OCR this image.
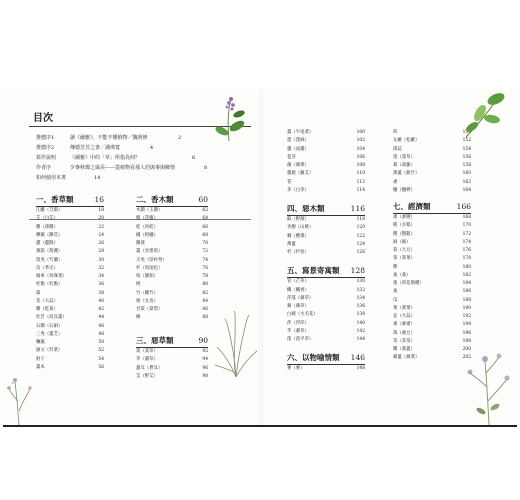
目次
推薦序1	讀《爾雅》，不能不懂植物／魏明修	2
推薦序2	傳德芳芳之書／潘瑛寬	4
寫作說明	《爾雅》中的「草」所指為何？	6
作者序	夕麥秋聲之風美——從植物看那人的與事與鄉情	8
如何使用本書	14
一、香草類	16
江離（芎藭）	18
芷（白芷）	20
蘭（澤蘭）	22
蘼蕪（蘼苡）	24
蕙（蕙散）	26
蓀筯（蒟䕶）	28
留夷（芍藥）	30
苗（季疋）	32
揭車（珍珠菜）	34
杜衡（杜衡）	36
萹	38
荃（大蒜）	40
蘭（乾菊）	42
杜若（高良薑）	44
石蘭（石斛）	46
三秀（靈芝）	48
蘪蕪	50
綠文（荇菜）	52
射干	54
薑本	56
二、香木類	60
木蘭（玉蘭）	62
椒（花椒）	64
桂（肉桂）	66
橘（柑橘）	68
蘭蓀	70
薑（食菜萸）	72
辛夷（厚朴萼）	74
杉（馬尾松）	76
柏（側柏）	78
桃	80
竹（剛竹）	82
楨（女貞）	84
甘棠（棠梨）	86
楝	88
三、惡草類	90
蒿（蒿草）	92
茅（蕭草）	94
蓋耳（蒼耳）	96
艾（野艾）	98
薑（牛尾菜）	100
蓖（蓖麻）	102
蘆（南蘆）	104
苞芽	106
藻（蘋菜）	108
蘆薇（蘿支）	110
菅	112
茅（白茅）	114
四、惡木類	116
蘇（野薇）	118
杏樹（山桃）	120
棘（酸棗）	122
萬蓋	124
杉（杉客）	126
五、寫景寄寓類 128
管（芒草）	130
楓（楓香）	132
萍蓬（蘋草）	134
蘋（蘋草）	136
白蘋（水毛花）	138
萍（浮萍）	140
萃（蕭草）	142
蓬（茵平草）	144
六、以物喻情類 146
麥（麥）	148
荷	150
女蘿（松蘿）	152
澤蒜	154
蓬（蓬草）	156
葛（葛藤）	158
萬蓋（薪竹）	160
黍	162
穗（穗稗）	164
七、經濟類	166
黍（黍稷）	168
稻（水稻）	170
稷（稷穀）	172
麻（麻）	174
菽（大豆）	176
葵（葵菜）	178
穄	180
桑（桑）	182
蓮（荷花類種）	184
桑	186
瓜	188
菜（菜菜）	190
韭（大蒜）	192
黍（黍黍）	194
蒟（豌豆）	196
茶（茶茶）	198
蘭（蓁蓋）	200
蘋蓋（蘋菜）	202
